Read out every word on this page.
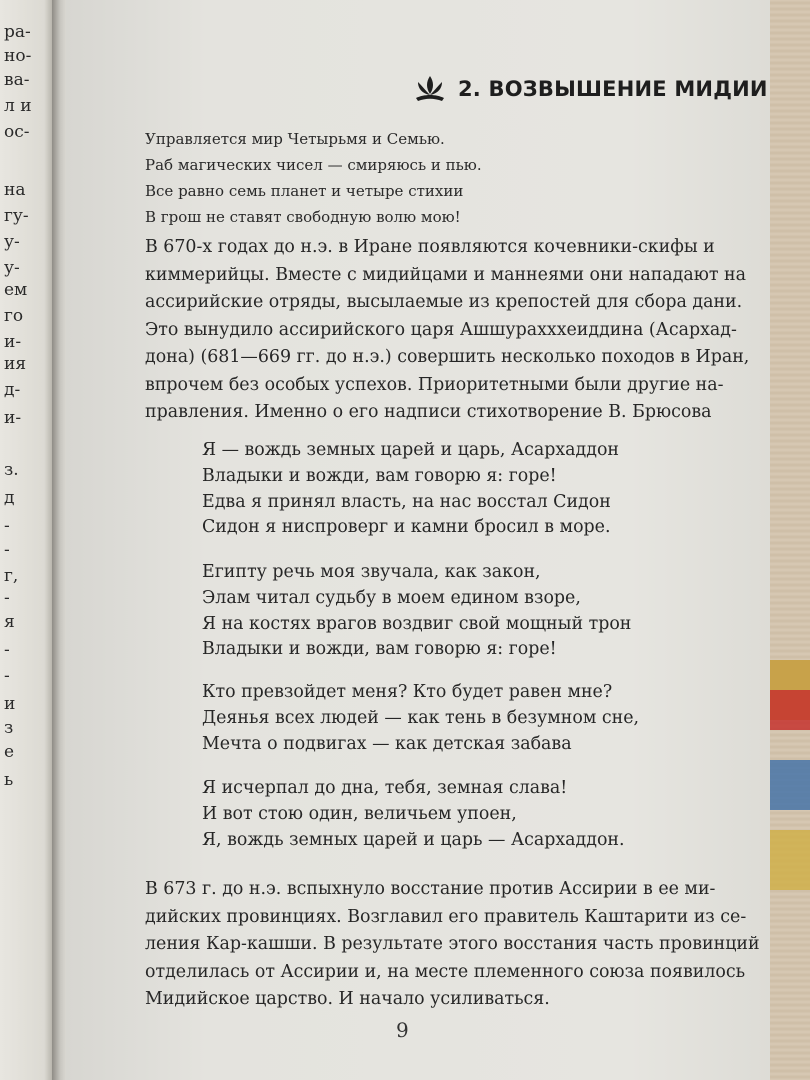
ра-
но-
ва-
л и
ос-
на
гу-
у-
у-
ем
го
и-
ия
д-
и-
з.
д
-
-
г,
-
я
-
-
и
з
е
ь
2. ВОЗВЫШЕНИЕ МИДИИ
Управляется мир Четырьмя и Семью.
Раб магических чисел — смиряюсь и пью.
Все равно семь планет и четыре стихии
В грош не ставят свободную волю мою!
В 670-х годах до н.э. в Иране появляются кочевники-скифы и
киммерийцы. Вместе с мидийцами и маннеями они нападают на
ассирийские отряды, высылаемые из крепостей для сбора дани.
Это вынудило ассирийского царя Ашшурахххеиддина (Асархад-
дона) (681—669 гг. до н.э.) совершить несколько походов в Иран,
впрочем без особых успехов. Приоритетными были другие на-
правления. Именно о его надписи стихотворение В. Брюсова
Я — вождь земных царей и царь, Асархаддон
Владыки и вожди, вам говорю я: горе!
Едва я принял власть, на нас восстал Сидон
Сидон я ниспроверг и камни бросил в море.
Египту речь моя звучала, как закон,
Элам читал судьбу в моем едином взоре,
Я на костях врагов воздвиг свой мощный трон
Владыки и вожди, вам говорю я: горе!
Кто превзойдет меня? Кто будет равен мне?
Деянья всех людей — как тень в безумном сне,
Мечта о подвигах — как детская забава
Я исчерпал до дна, тебя, земная слава!
И вот стою один, величьем упоен,
Я, вождь земных царей и царь — Асархаддон.
В 673 г. до н.э. вспыхнуло восстание против Ассирии в ее ми-
дийских провинциях. Возглавил его правитель Каштарити из се-
ления Кар-кашши. В результате этого восстания часть провинций
отделилась от Ассирии и, на месте племенного союза появилось
Мидийское царство. И начало усиливаться.
9
